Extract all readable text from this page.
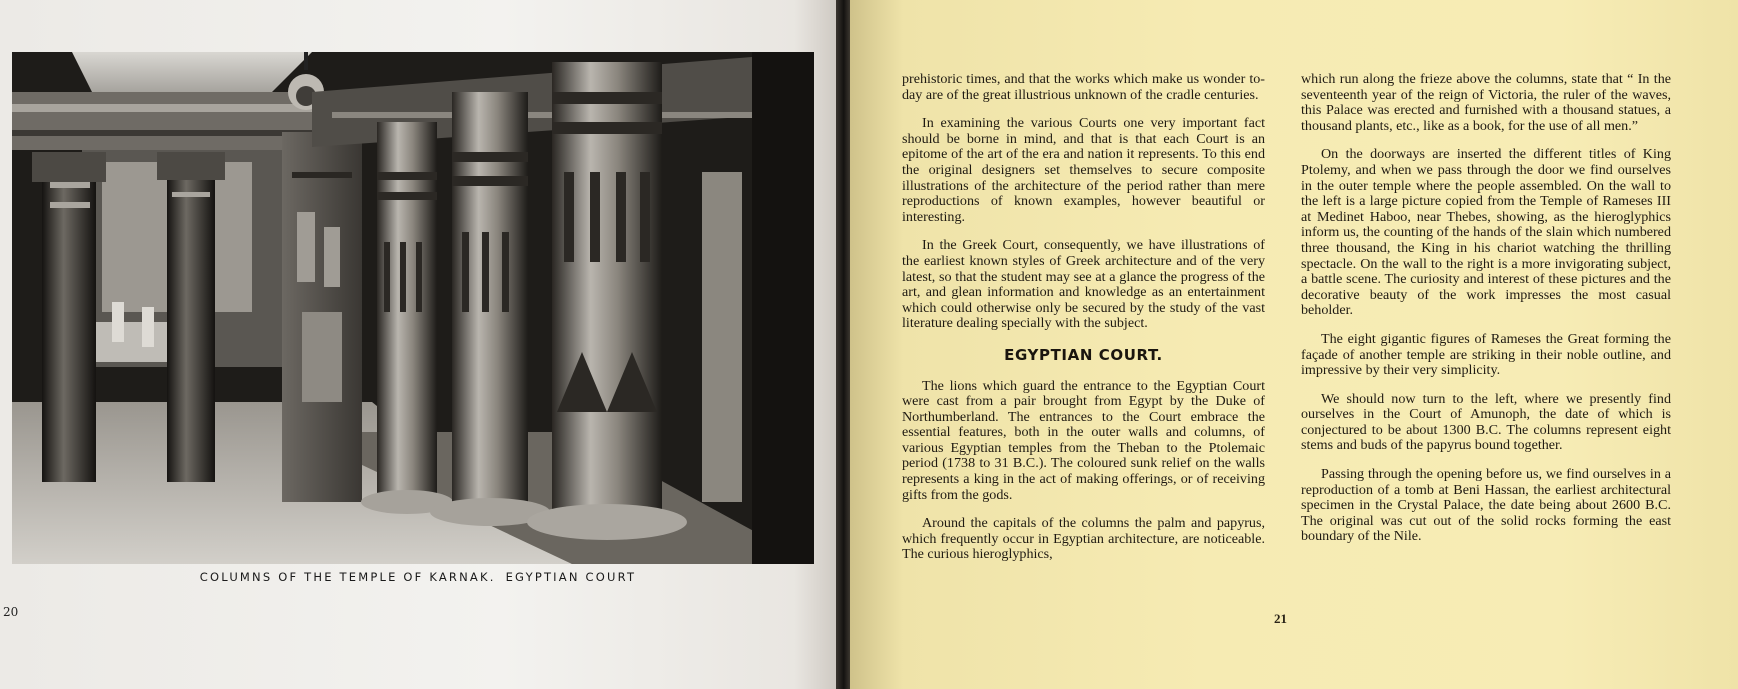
COLUMNS OF THE TEMPLE OF KARNAK. EGYPTIAN COURT
20

prehistoric times, and that the works which make us wonder to-day are of the great illustrious unknown of the cradle centuries.

In examining the various Courts one very important fact should be borne in mind, and that is that each Court is an epitome of the art of the era and nation it represents. To this end the original designers set themselves to secure composite illustrations of the architecture of the period rather than mere reproductions of known examples, however beautiful or interesting.

In the Greek Court, consequently, we have illustrations of the earliest known styles of Greek architecture and of the very latest, so that the student may see at a glance the progress of the art, and glean information and knowledge as an entertainment which could otherwise only be secured by the study of the vast literature dealing specially with the subject.

EGYPTIAN COURT.

The lions which guard the entrance to the Egyptian Court were cast from a pair brought from Egypt by the Duke of Northumberland. The entrances to the Court embrace the essential features, both in the outer walls and columns, of various Egyptian temples from the Theban to the Ptolemaic period (1738 to 31 B.C.). The coloured sunk relief on the walls represents a king in the act of making offerings, or of receiving gifts from the gods.

Around the capitals of the columns the palm and papyrus, which frequently occur in Egyptian architecture, are noticeable. The curious hieroglyphics,

which run along the frieze above the columns, state that “ In the seventeenth year of the reign of Victoria, the ruler of the waves, this Palace was erected and furnished with a thousand statues, a thousand plants, etc., like as a book, for the use of all men.”

On the doorways are inserted the different titles of King Ptolemy, and when we pass through the door we find ourselves in the outer temple where the people assembled. On the wall to the left is a large picture copied from the Temple of Rameses III at Medinet Haboo, near Thebes, showing, as the hieroglyphics inform us, the counting of the hands of the slain which numbered three thousand, the King in his chariot watching the thrilling spectacle. On the wall to the right is a more invigorating subject, a battle scene. The curiosity and interest of these pictures and the decorative beauty of the work impresses the most casual beholder.

The eight gigantic figures of Rameses the Great forming the façade of another temple are striking in their noble outline, and impressive by their very simplicity.

We should now turn to the left, where we presently find ourselves in the Court of Amunoph, the date of which is conjectured to be about 1300 B.C. The columns represent eight stems and buds of the papyrus bound together.

Passing through the opening before us, we find ourselves in a reproduction of a tomb at Beni Hassan, the earliest architectural specimen in the Crystal Palace, the date being about 2600 B.C. The original was cut out of the solid rocks forming the east boundary of the Nile.

21
